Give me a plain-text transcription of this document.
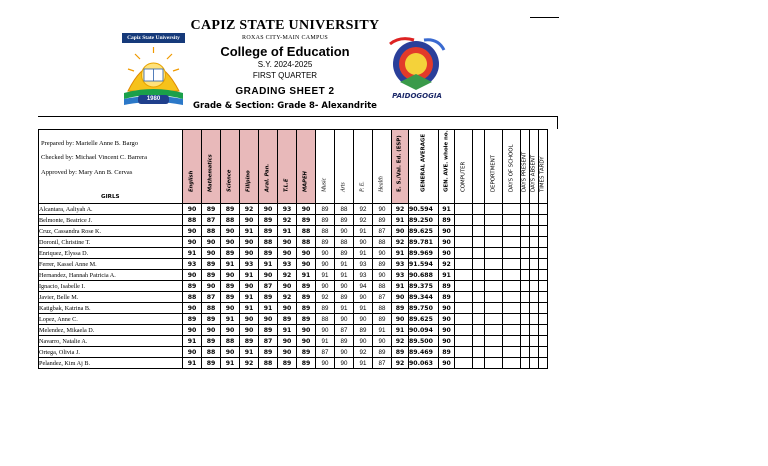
Capiz State University
1980
CAPIZ STATE UNIVERSITY
ROXAS CITY-MAIN CAMPUS
College of Education
S.Y. 2024-2025
FIRST QUARTER
GRADING SHEET 2
Grade & Section: Grade 8- Alexandrite
PAIDOGOGIA
Prepared by: Marielle Anne B. Bargo
Checked by: Michael Vincent C. Barrera
Approved by: Mary Ann B. Cervas
GIRLS	English	Mathematics	Science	Filipino	Aral. Pan.	T.L.E	MAPEH	Music	Arts	P. E.	Health	E. S./Val. Ed. (ESP)	GENERAL AVERAGE	GEN. AVE. whole no.	COMPUTER		DEPORTMENT	DAYS OF SCHOOL	DAYS PRESENT	DAYS ABSENT	TIMES TARDY

Alcantara, Aaliyah A.	90	89	89	92	90	93	90	89	88	92	90	92	90.594	91							
Belmonte, Beatrice J.	88	87	88	90	89	92	89	89	89	92	89	91	89.250	89							
Cruz, Cassandra Rose K.	90	88	90	91	89	91	88	88	90	91	87	90	89.625	90							
Doronil, Christine T.	90	90	90	90	88	90	88	89	88	90	88	92	89.781	90							
Enriquez, Elyssa D.	91	90	89	90	89	90	90	90	89	91	90	91	89.969	90							
Ferrer, Kassel Anne M.	93	89	91	93	91	93	90	90	91	93	89	93	91.594	92							
Hernandez, Hannah Patricia A.	90	89	90	91	90	92	91	91	91	93	90	93	90.688	91							
Ignacio, Isabelle I.	89	90	89	90	87	90	89	90	90	94	88	91	89.375	89							
Javier, Belle M.	88	87	89	91	89	92	89	92	89	90	87	90	89.344	89							
Katigbak, Katrina B.	90	88	90	91	91	90	89	89	91	91	88	89	89.750	90							
Lopez, Anne C.	89	89	91	90	90	89	89	88	90	90	89	90	89.625	90							
Melendez, Mikaela D.	90	90	90	90	89	91	90	90	87	89	91	91	90.094	90							
Navarro, Natalie A.	91	89	88	89	87	90	90	91	89	90	90	92	89.500	90							
Ortega, Olivia J.	90	88	90	91	89	90	89	87	90	92	89	89	89.469	89							
Pelandez, Kim Aj B.	91	89	91	92	88	89	89	90	90	91	87	92	90.063	90							
